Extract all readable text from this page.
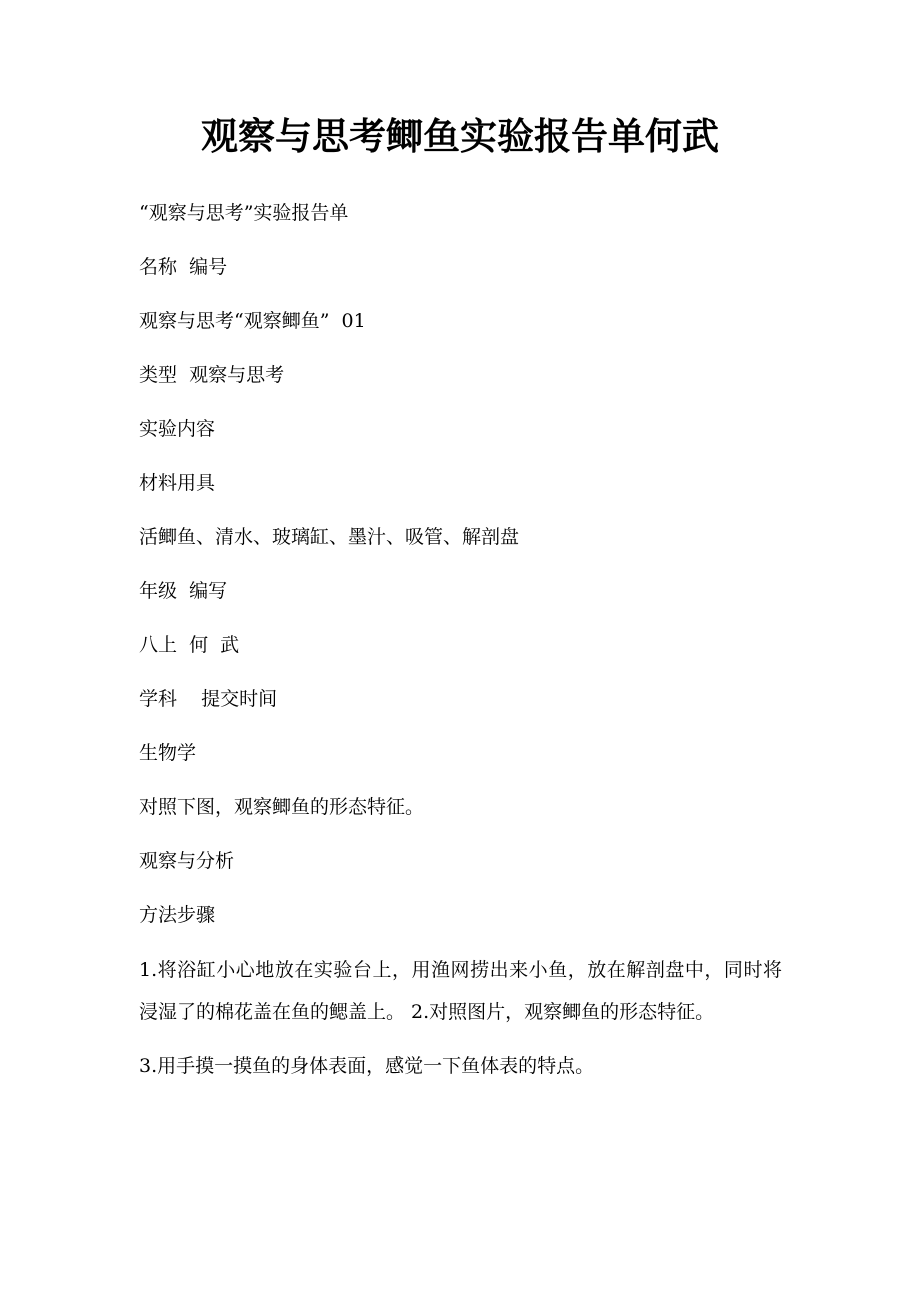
观察与思考鲫鱼实验报告单何武

“观察与思考”实验报告单

名称  编号

观察与思考“观察鲫鱼”  01

类型  观察与思考

实验内容

材料用具

活鲫鱼、清水、玻璃缸、墨汁、吸管、解剖盘

年级  编写

八上  何  武

学科    提交时间

生物学

对照下图，观察鲫鱼的形态特征。

观察与分析

方法步骤

1.将浴缸小心地放在实验台上，用渔网捞出来小鱼，放在解剖盘中，同时将浸湿了的棉花盖在鱼的鳃盖上。 2.对照图片，观察鲫鱼的形态特征。

3.用手摸一摸鱼的身体表面，感觉一下鱼体表的特点。
